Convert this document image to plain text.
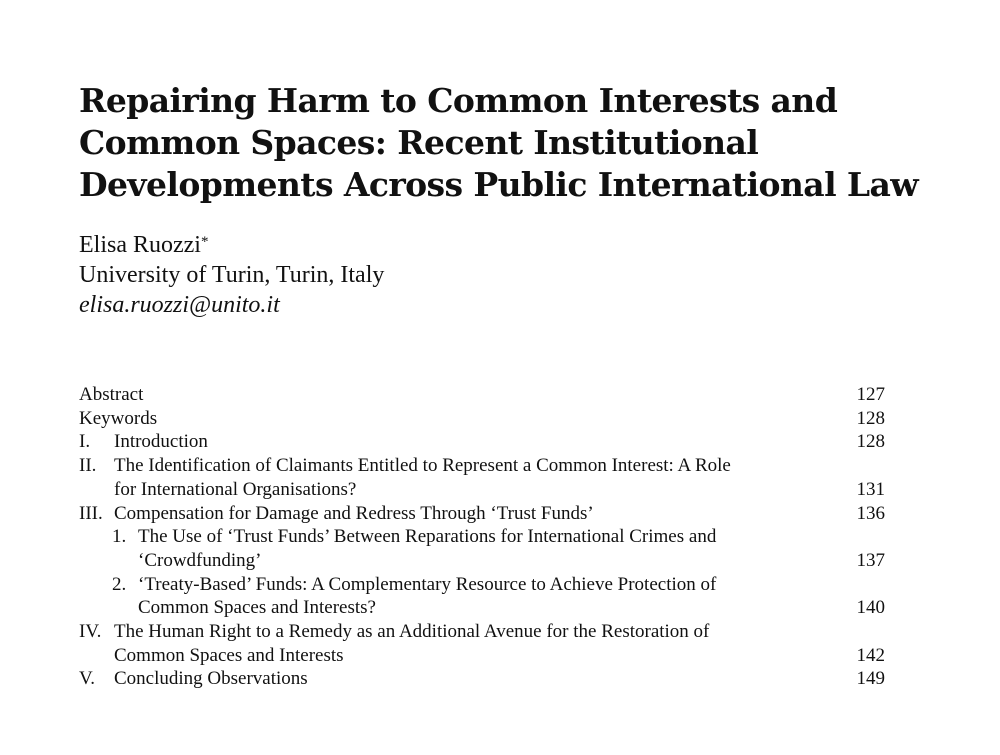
Repairing Harm to Common Interests and
Common Spaces: Recent Institutional
Developments Across Public International Law
Elisa Ruozzi*
University of Turin, Turin, Italy
elisa.ruozzi@unito.it
Abstract	127
Keywords	128
I.	Introduction	128
II. The Identification of Claimants Entitled to Represent a Common Interest: A Role
for International Organisations?	131
III. Compensation for Damage and Redress Through ‘Trust Funds’	136
1. The Use of ‘Trust Funds’ Between Reparations for International Crimes and
‘Crowdfunding’	137
2. ‘Treaty-Based’ Funds: A Complementary Resource to Achieve Protection of
Common Spaces and Interests?	140
IV. The Human Right to a Remedy as an Additional Avenue for the Restoration of
Common Spaces and Interests	142
V. Concluding Observations	149
